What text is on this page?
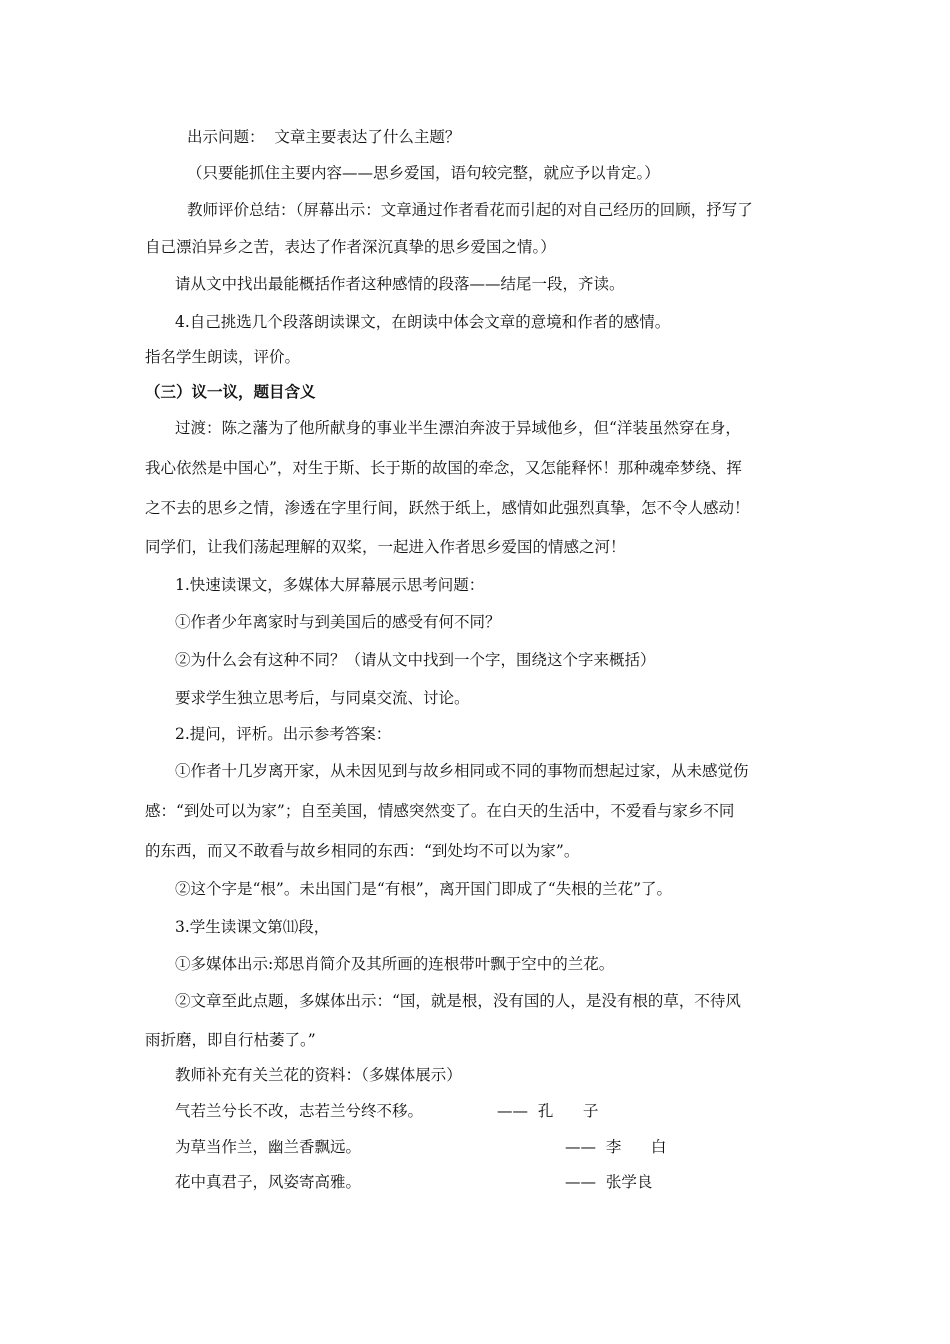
出示问题：  文章主要表达了什么主题？
（只要能抓住主要内容——思乡爱国，语句较完整，就应予以肯定。）
教师评价总结：（屏幕出示：文章通过作者看花而引起的对自己经历的回顾，抒写了
自己漂泊异乡之苦，表达了作者深沉真挚的思乡爱国之情。）
请从文中找出最能概括作者这种感情的段落——结尾一段，齐读。
4.自己挑选几个段落朗读课文，在朗读中体会文章的意境和作者的感情。
指名学生朗读，评价。
（三）议一议，题目含义
过渡：陈之藩为了他所献身的事业半生漂泊奔波于异域他乡，但“洋装虽然穿在身，
我心依然是中国心”，对生于斯、长于斯的故国的牵念，又怎能释怀！那种魂牵梦绕、挥
之不去的思乡之情，渗透在字里行间，跃然于纸上，感情如此强烈真挚，怎不令人感动！
同学们，让我们荡起理解的双桨，一起进入作者思乡爱国的情感之河！
1.快速读课文，多媒体大屏幕展示思考问题：
①作者少年离家时与到美国后的感受有何不同？
②为什么会有这种不同？（请从文中找到一个字，围绕这个字来概括）
要求学生独立思考后，与同桌交流、讨论。
2.提问，评析。出示参考答案：
①作者十几岁离开家，从未因见到与故乡相同或不同的事物而想起过家，从未感觉伤
感：“到处可以为家”；自至美国，情感突然变了。在白天的生活中，不爱看与家乡不同
的东西，而又不敢看与故乡相同的东西：“到处均不可以为家”。
②这个字是“根”。未出国门是“有根”，离开国门即成了“失根的兰花”了。
3.学生读课文第⑾段，
①多媒体出示:郑思肖简介及其所画的连根带叶飘于空中的兰花。
②文章至此点题，多媒体出示：“国，就是根，没有国的人，是没有根的草，不待风
雨折磨，即自行枯萎了。”
教师补充有关兰花的资料：（多媒体展示）
气若兰兮长不改，志若兰兮终不移。	——  孔      子
为草当作兰，幽兰香飘远。	——  李      白
花中真君子，风姿寄高雅。	——  张学良
